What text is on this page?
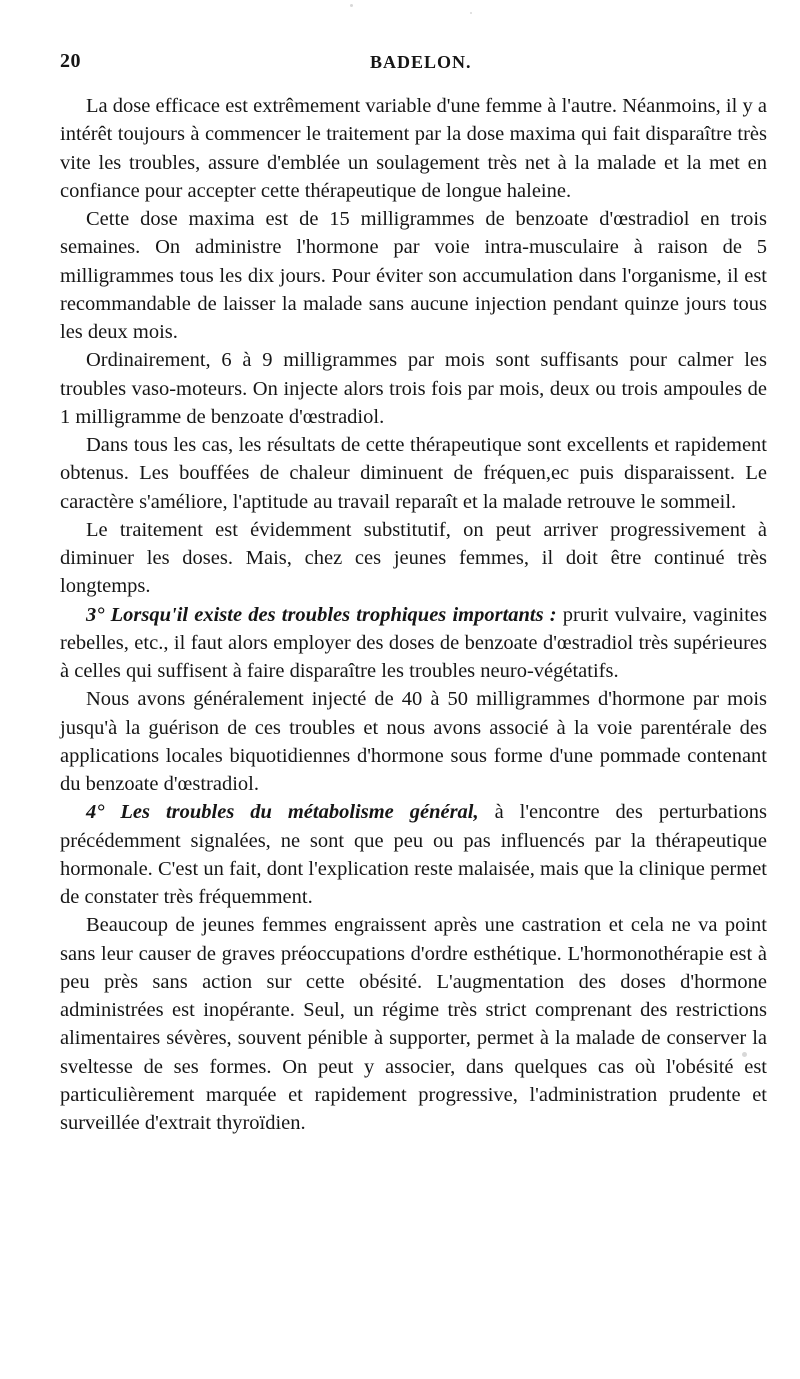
20	BADELON.

La dose efficace est extrêmement variable d'une femme à l'autre. Néanmoins, il y a intérêt toujours à commencer le traitement par la dose maxima qui fait disparaître très vite les troubles, assure d'emblée un soulagement très net à la malade et la met en confiance pour accepter cette thérapeutique de longue haleine.

Cette dose maxima est de 15 milligrammes de benzoate d'œstradiol en trois semaines. On administre l'hormone par voie intra-musculaire à raison de 5 milligrammes tous les dix jours. Pour éviter son accumulation dans l'organisme, il est recommandable de laisser la malade sans aucune injection pendant quinze jours tous les deux mois.

Ordinairement, 6 à 9 milligrammes par mois sont suffisants pour calmer les troubles vaso-moteurs. On injecte alors trois fois par mois, deux ou trois ampoules de 1 milligramme de benzoate d'œstradiol.

Dans tous les cas, les résultats de cette thérapeutique sont excellents et rapidement obtenus. Les bouffées de chaleur diminuent de fréquen,ec puis disparaissent. Le caractère s'améliore, l'aptitude au travail reparaît et la malade retrouve le sommeil.

Le traitement est évidemment substitutif, on peut arriver progressivement à diminuer les doses. Mais, chez ces jeunes femmes, il doit être continué très longtemps.

3° Lorsqu'il existe des troubles trophiques importants : prurit vulvaire, vaginites rebelles, etc., il faut alors employer des doses de benzoate d'œstradiol très supérieures à celles qui suffisent à faire disparaître les troubles neuro-végétatifs.

Nous avons généralement injecté de 40 à 50 milligrammes d'hormone par mois jusqu'à la guérison de ces troubles et nous avons associé à la voie parentérale des applications locales biquotidiennes d'hormone sous forme d'une pommade contenant du benzoate d'œstradiol.

4° Les troubles du métabolisme général, à l'encontre des perturbations précédemment signalées, ne sont que peu ou pas influencés par la thérapeutique hormonale. C'est un fait, dont l'explication reste malaisée, mais que la clinique permet de constater très fréquemment.

Beaucoup de jeunes femmes engraissent après une castration et cela ne va point sans leur causer de graves préoccupations d'ordre esthétique. L'hormonothérapie est à peu près sans action sur cette obésité. L'augmentation des doses d'hormone administrées est inopérante. Seul, un régime très strict comprenant des restrictions alimentaires sévères, souvent pénible à supporter, permet à la malade de conserver la sveltesse de ses formes. On peut y associer, dans quelques cas où l'obésité est particulièrement marquée et rapidement progressive, l'administration prudente et surveillée d'extrait thyroïdien.
